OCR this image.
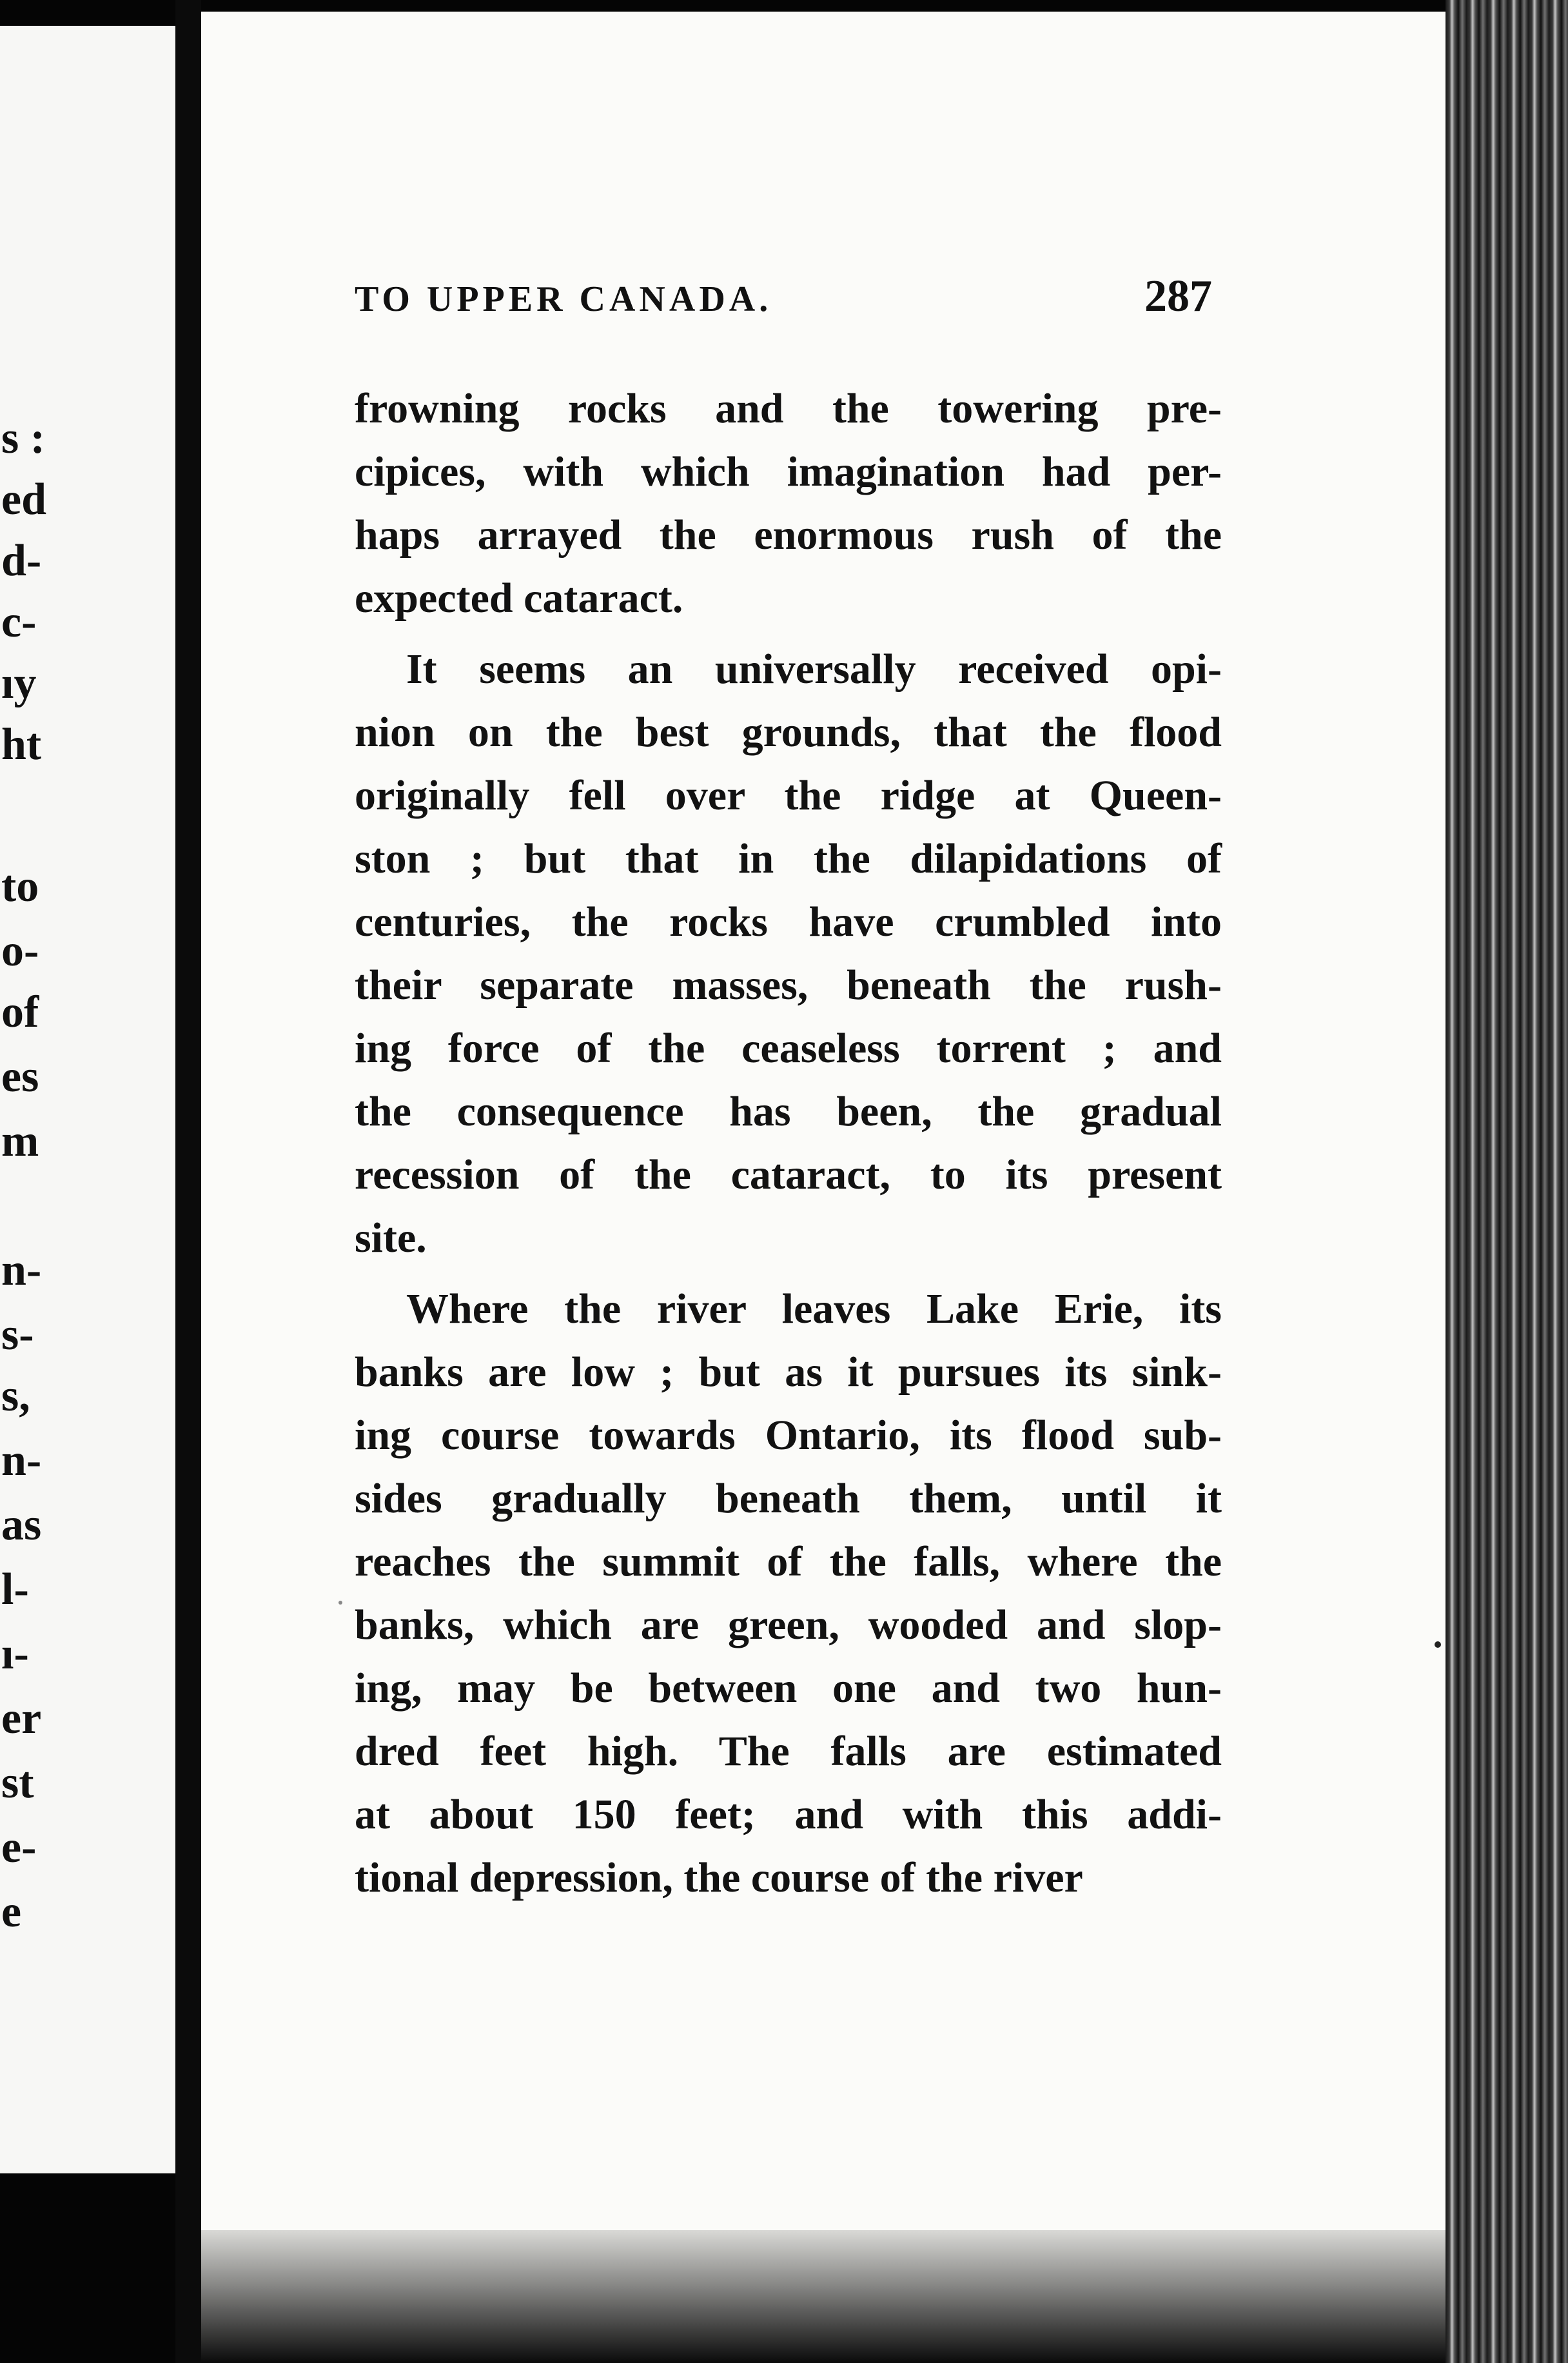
s :
ed
d-
c-
ıy
ht
to
o-
of
es
m
n-
s-
s,
n-
as
l-
ı-
er
st
e-
e
TO UPPER CANADA.	287
frowning rocks and the towering pre-
cipices, with which imagination had per-
haps arrayed the enormous rush of the
expected cataract.
It seems an universally received opi-
nion on the best grounds, that the flood
originally fell over the ridge at Queen-
ston ; but that in the dilapidations of
centuries, the rocks have crumbled into
their separate masses, beneath the rush-
ing force of the ceaseless torrent ; and
the consequence has been, the gradual
recession of the cataract, to its present
site.
Where the river leaves Lake Erie, its
banks are low ; but as it pursues its sink-
ing course towards Ontario, its flood sub-
sides gradually beneath them, until it
reaches the summit of the falls, where the
banks, which are green, wooded and slop-
ing, may be between one and two hun-
dred feet high. The falls are estimated
at about 150 feet; and with this addi-
tional depression, the course of the river
